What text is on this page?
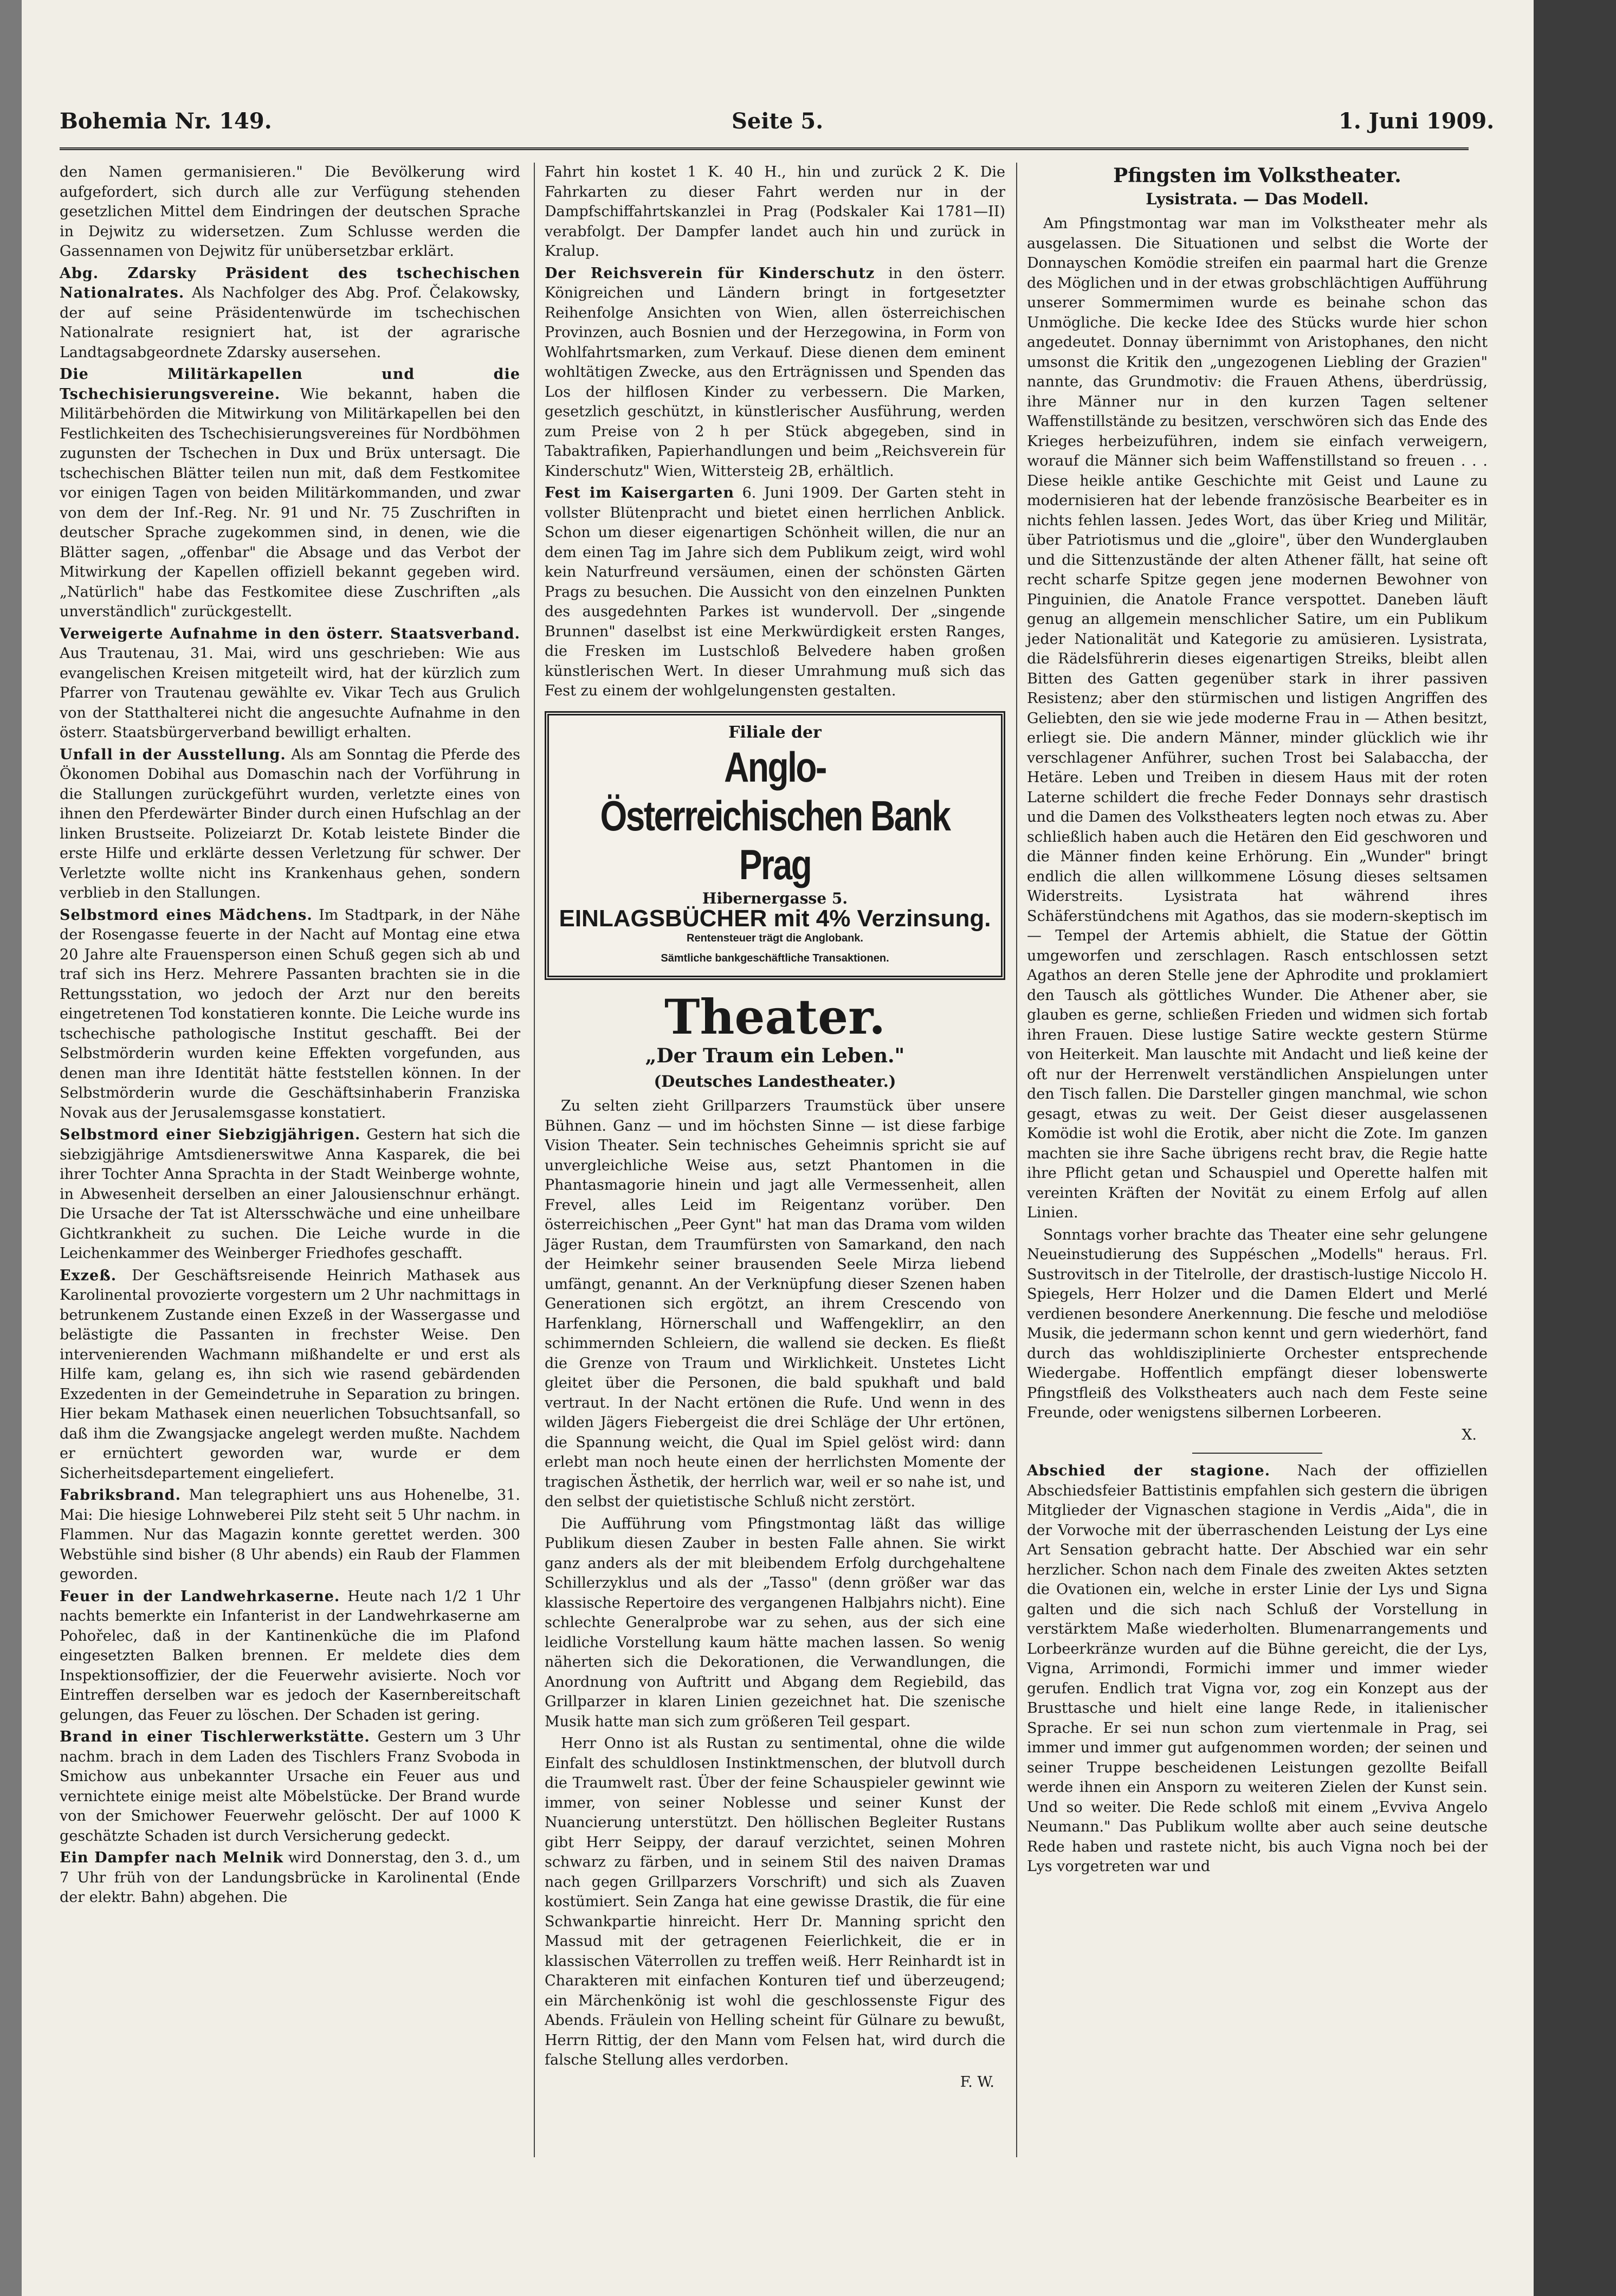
Bohemia Nr. 149.	Seite 5.	1. Juni 1909.

den Namen germanisieren." Die Bevölkerung wird aufgefordert, sich durch alle zur Verfügung stehenden gesetzlichen Mittel dem Eindringen der deutschen Sprache in Dejwitz zu widersetzen. Zum Schlusse werden die Gassennamen von Dejwitz für unübersetzbar erklärt.

Abg. Zdarsky Präsident des tschechischen Nationalrates. Als Nachfolger des Abg. Prof. Čelakowsky, der auf seine Präsidentenwürde im tschechischen Nationalrate resigniert hat, ist der agrarische Landtagsabgeordnete Zdarsky ausersehen.

Die Militärkapellen und die Tschechisierungsvereine. Wie bekannt, haben die Militärbehörden die Mitwirkung von Militärkapellen bei den Festlichkeiten des Tschechisierungsvereines für Nordböhmen zugunsten der Tschechen in Dux und Brüx untersagt. Die tschechischen Blätter teilen nun mit, daß dem Festkomitee vor einigen Tagen von beiden Militärkommanden, und zwar von dem der Inf.-Reg. Nr. 91 und Nr. 75 Zuschriften in deutscher Sprache zugekommen sind, in denen, wie die Blätter sagen, „offenbar" die Absage und das Verbot der Mitwirkung der Kapellen offiziell bekannt gegeben wird. „Natürlich" habe das Festkomitee diese Zuschriften „als unverständlich" zurückgestellt.

Verweigerte Aufnahme in den österr. Staatsverband. Aus Trautenau, 31. Mai, wird uns geschrieben: Wie aus evangelischen Kreisen mitgeteilt wird, hat der kürzlich zum Pfarrer von Trautenau gewählte ev. Vikar Tech aus Grulich von der Statthalterei nicht die angesuchte Aufnahme in den österr. Staatsbürgerverband bewilligt erhalten.

Unfall in der Ausstellung. Als am Sonntag die Pferde des Ökonomen Dobihal aus Domaschin nach der Vorführung in die Stallungen zurückgeführt wurden, verletzte eines von ihnen den Pferdewärter Binder durch einen Hufschlag an der linken Brustseite. Polizeiarzt Dr. Kotab leistete Binder die erste Hilfe und erklärte dessen Verletzung für schwer. Der Verletzte wollte nicht ins Krankenhaus gehen, sondern verblieb in den Stallungen.

Selbstmord eines Mädchens. Im Stadtpark, in der Nähe der Rosengasse feuerte in der Nacht auf Montag eine etwa 20 Jahre alte Frauensperson einen Schuß gegen sich ab und traf sich ins Herz. Mehrere Passanten brachten sie in die Rettungsstation, wo jedoch der Arzt nur den bereits eingetretenen Tod konstatieren konnte. Die Leiche wurde ins tschechische pathologische Institut geschafft. Bei der Selbstmörderin wurden keine Effekten vorgefunden, aus denen man ihre Identität hätte feststellen können. In der Selbstmörderin wurde die Geschäftsinhaberin Franziska Novak aus der Jerusalemsgasse konstatiert.

Selbstmord einer Siebzigjährigen. Gestern hat sich die siebzigjährige Amtsdienerswitwe Anna Kasparek, die bei ihrer Tochter Anna Sprachta in der Stadt Weinberge wohnte, in Abwesenheit derselben an einer Jalousienschnur erhängt. Die Ursache der Tat ist Altersschwäche und eine unheilbare Gichtkrankheit zu suchen. Die Leiche wurde in die Leichenkammer des Weinberger Friedhofes geschafft.

Exzeß. Der Geschäftsreisende Heinrich Mathasek aus Karolinental provozierte vorgestern um 2 Uhr nachmittags in betrunkenem Zustande einen Exzeß in der Wassergasse und belästigte die Passanten in frechster Weise. Den intervenierenden Wachmann mißhandelte er und erst als Hilfe kam, gelang es, ihn sich wie rasend gebärdenden Exzedenten in der Gemeindetruhe in Separation zu bringen. Hier bekam Mathasek einen neuerlichen Tobsuchtsanfall, so daß ihm die Zwangsjacke angelegt werden mußte. Nachdem er ernüchtert geworden war, wurde er dem Sicherheitsdepartement eingeliefert.

Fabriksbrand. Man telegraphiert uns aus Hohenelbe, 31. Mai: Die hiesige Lohnweberei Pilz steht seit 5 Uhr nachm. in Flammen. Nur das Magazin konnte gerettet werden. 300 Webstühle sind bisher (8 Uhr abends) ein Raub der Flammen geworden.

Feuer in der Landwehrkaserne. Heute nach 1/2 1 Uhr nachts bemerkte ein Infanterist in der Landwehrkaserne am Pohořelec, daß in der Kantinenküche die im Plafond eingesetzten Balken brennen. Er meldete dies dem Inspektionsoffizier, der die Feuerwehr avisierte. Noch vor Eintreffen derselben war es jedoch der Kasernbereitschaft gelungen, das Feuer zu löschen. Der Schaden ist gering.

Brand in einer Tischlerwerkstätte. Gestern um 3 Uhr nachm. brach in dem Laden des Tischlers Franz Svoboda in Smichow aus unbekannter Ursache ein Feuer aus und vernichtete einige meist alte Möbelstücke. Der Brand wurde von der Smichower Feuerwehr gelöscht. Der auf 1000 K geschätzte Schaden ist durch Versicherung gedeckt.

Ein Dampfer nach Melnik wird Donnerstag, den 3. d., um 7 Uhr früh von der Landungsbrücke in Karolinental (Ende der elektr. Bahn) abgehen. Die

Fahrt hin kostet 1 K. 40 H., hin und zurück 2 K. Die Fahrkarten zu dieser Fahrt werden nur in der Dampfschiffahrtskanzlei in Prag (Podskaler Kai 1781—II) verabfolgt. Der Dampfer landet auch hin und zurück in Kralup.

Der Reichsverein für Kinderschutz in den österr. Königreichen und Ländern bringt in fortgesetzter Reihenfolge Ansichten von Wien, allen österreichischen Provinzen, auch Bosnien und der Herzegowina, in Form von Wohlfahrtsmarken, zum Verkauf. Diese dienen dem eminent wohltätigen Zwecke, aus den Erträgnissen und Spenden das Los der hilflosen Kinder zu verbessern. Die Marken, gesetzlich geschützt, in künstlerischer Ausführung, werden zum Preise von 2 h per Stück abgegeben, sind in Tabaktrafiken, Papierhandlungen und beim „Reichsverein für Kinderschutz" Wien, Wittersteig 2B, erhältlich.

Fest im Kaisergarten 6. Juni 1909. Der Garten steht in vollster Blütenpracht und bietet einen herrlichen Anblick. Schon um dieser eigenartigen Schönheit willen, die nur an dem einen Tag im Jahre sich dem Publikum zeigt, wird wohl kein Naturfreund versäumen, einen der schönsten Gärten Prags zu besuchen. Die Aussicht von den einzelnen Punkten des ausgedehnten Parkes ist wundervoll. Der „singende Brunnen" daselbst ist eine Merkwürdigkeit ersten Ranges, die Fresken im Lustschloß Belvedere haben großen künstlerischen Wert. In dieser Umrahmung muß sich das Fest zu einem der wohlgelungensten gestalten.

Filiale der
Anglo-Österreichischen Bank Prag
Hibernergasse 5.
EINLAGSBÜCHER mit 4% Verzinsung.
Rentensteuer trägt die Anglobank.
Sämtliche bankgeschäftliche Transaktionen.
Theater.
„Der Traum ein Leben."
(Deutsches Landestheater.)

Zu selten zieht Grillparzers Traumstück über unsere Bühnen. Ganz — und im höchsten Sinne — ist diese farbige Vision Theater. Sein technisches Geheimnis spricht sie auf unvergleichliche Weise aus, setzt Phantomen in die Phantasmagorie hinein und jagt alle Vermessenheit, allen Frevel, alles Leid im Reigentanz vorüber. Den österreichischen „Peer Gynt" hat man das Drama vom wilden Jäger Rustan, dem Traumfürsten von Samarkand, den nach der Heimkehr seiner brausenden Seele Mirza liebend umfängt, genannt. An der Verknüpfung dieser Szenen haben Generationen sich ergötzt, an ihrem Crescendo von Harfenklang, Hörnerschall und Waffengeklirr, an den schimmernden Schleiern, die wallend sie decken. Es fließt die Grenze von Traum und Wirklichkeit. Unstetes Licht gleitet über die Personen, die bald spukhaft und bald vertraut. In der Nacht ertönen die Rufe. Und wenn in des wilden Jägers Fiebergeist die drei Schläge der Uhr ertönen, die Spannung weicht, die Qual im Spiel gelöst wird: dann erlebt man noch heute einen der herrlichsten Momente der tragischen Ästhetik, der herrlich war, weil er so nahe ist, und den selbst der quietistische Schluß nicht zerstört.

Die Aufführung vom Pfingstmontag läßt das willige Publikum diesen Zauber in besten Falle ahnen. Sie wirkt ganz anders als der mit bleibendem Erfolg durchgehaltene Schillerzyklus und als der „Tasso" (denn größer war das klassische Repertoire des vergangenen Halbjahrs nicht). Eine schlechte Generalprobe war zu sehen, aus der sich eine leidliche Vorstellung kaum hätte machen lassen. So wenig näherten sich die Dekorationen, die Verwandlungen, die Anordnung von Auftritt und Abgang dem Regiebild, das Grillparzer in klaren Linien gezeichnet hat. Die szenische Musik hatte man sich zum größeren Teil gespart.

Herr Onno ist als Rustan zu sentimental, ohne die wilde Einfalt des schuldlosen Instinktmenschen, der blutvoll durch die Traumwelt rast. Über der feine Schauspieler gewinnt wie immer, von seiner Noblesse und seiner Kunst der Nuancierung unterstützt. Den höllischen Begleiter Rustans gibt Herr Seippy, der darauf verzichtet, seinen Mohren schwarz zu färben, und in seinem Stil des naiven Dramas nach gegen Grillparzers Vorschrift) und sich als Zuaven kostümiert. Sein Zanga hat eine gewisse Drastik, die für eine Schwankpartie hinreicht. Herr Dr. Manning spricht den Massud mit der getragenen Feierlichkeit, die er in klassischen Väterrollen zu treffen weiß. Herr Reinhardt ist in Charakteren mit einfachen Konturen tief und überzeugend; ein Märchenkönig ist wohl die geschlossenste Figur des Abends. Fräulein von Helling scheint für Gülnare zu bewußt, Herrn Rittig, der den Mann vom Felsen hat, wird durch die falsche Stellung alles verdorben.

F. W.
Pfingsten im Volkstheater.
Lysistrata. — Das Modell.

Am Pfingstmontag war man im Volkstheater mehr als ausgelassen. Die Situationen und selbst die Worte der Donnayschen Komödie streifen ein paarmal hart die Grenze des Möglichen und in der etwas grobschlächtigen Aufführung unserer Sommermimen wurde es beinahe schon das Unmögliche. Die kecke Idee des Stücks wurde hier schon angedeutet. Donnay übernimmt von Aristophanes, den nicht umsonst die Kritik den „ungezogenen Liebling der Grazien" nannte, das Grundmotiv: die Frauen Athens, überdrüssig, ihre Männer nur in den kurzen Tagen seltener Waffenstillstände zu besitzen, verschwören sich das Ende des Krieges herbeizuführen, indem sie einfach verweigern, worauf die Männer sich beim Waffenstillstand so freuen . . . Diese heikle antike Geschichte mit Geist und Laune zu modernisieren hat der lebende französische Bearbeiter es in nichts fehlen lassen. Jedes Wort, das über Krieg und Militär, über Patriotismus und die „gloire", über den Wunderglauben und die Sittenzustände der alten Athener fällt, hat seine oft recht scharfe Spitze gegen jene modernen Bewohner von Pinguinien, die Anatole France verspottet. Daneben läuft genug an allgemein menschlicher Satire, um ein Publikum jeder Nationalität und Kategorie zu amüsieren. Lysistrata, die Rädelsführerin dieses eigenartigen Streiks, bleibt allen Bitten des Gatten gegenüber stark in ihrer passiven Resistenz; aber den stürmischen und listigen Angriffen des Geliebten, den sie wie jede moderne Frau in — Athen besitzt, erliegt sie. Die andern Männer, minder glücklich wie ihr verschlagener Anführer, suchen Trost bei Salabaccha, der Hetäre. Leben und Treiben in diesem Haus mit der roten Laterne schildert die freche Feder Donnays sehr drastisch und die Damen des Volkstheaters legten noch etwas zu. Aber schließlich haben auch die Hetären den Eid geschworen und die Männer finden keine Erhörung. Ein „Wunder" bringt endlich die allen willkommene Lösung dieses seltsamen Widerstreits. Lysistrata hat während ihres Schäferstündchens mit Agathos, das sie modern-skeptisch im — Tempel der Artemis abhielt, die Statue der Göttin umgeworfen und zerschlagen. Rasch entschlossen setzt Agathos an deren Stelle jene der Aphrodite und proklamiert den Tausch als göttliches Wunder. Die Athener aber, sie glauben es gerne, schließen Frieden und widmen sich fortab ihren Frauen. Diese lustige Satire weckte gestern Stürme von Heiterkeit. Man lauschte mit Andacht und ließ keine der oft nur der Herrenwelt verständlichen Anspielungen unter den Tisch fallen. Die Darsteller gingen manchmal, wie schon gesagt, etwas zu weit. Der Geist dieser ausgelassenen Komödie ist wohl die Erotik, aber nicht die Zote. Im ganzen machten sie ihre Sache übrigens recht brav, die Regie hatte ihre Pflicht getan und Schauspiel und Operette halfen mit vereinten Kräften der Novität zu einem Erfolg auf allen Linien.

Sonntags vorher brachte das Theater eine sehr gelungene Neueinstudierung des Suppéschen „Modells" heraus. Frl. Sustrovitsch in der Titelrolle, der drastisch-lustige Niccolo H. Spiegels, Herr Holzer und die Damen Eldert und Merlé verdienen besondere Anerkennung. Die fesche und melodiöse Musik, die jedermann schon kennt und gern wiederhört, fand durch das wohldisziplinierte Orchester entsprechende Wiedergabe. Hoffentlich empfängt dieser lobenswerte Pfingstfleiß des Volkstheaters auch nach dem Feste seine Freunde, oder wenigstens silbernen Lorbeeren.

X.

Abschied der stagione. Nach der offiziellen Abschiedsfeier Battistinis empfahlen sich gestern die übrigen Mitglieder der Vignaschen stagione in Verdis „Aida", die in der Vorwoche mit der überraschenden Leistung der Lys eine Art Sensation gebracht hatte. Der Abschied war ein sehr herzlicher. Schon nach dem Finale des zweiten Aktes setzten die Ovationen ein, welche in erster Linie der Lys und Signa galten und die sich nach Schluß der Vorstellung in verstärktem Maße wiederholten. Blumenarrangements und Lorbeerkränze wurden auf die Bühne gereicht, die der Lys, Vigna, Arrimondi, Formichi immer und immer wieder gerufen. Endlich trat Vigna vor, zog ein Konzept aus der Brusttasche und hielt eine lange Rede, in italienischer Sprache. Er sei nun schon zum viertenmale in Prag, sei immer und immer gut aufgenommen worden; der seinen und seiner Truppe bescheidenen Leistungen gezollte Beifall werde ihnen ein Ansporn zu weiteren Zielen der Kunst sein. Und so weiter. Die Rede schloß mit einem „Evviva Angelo Neumann." Das Publikum wollte aber auch seine deutsche Rede haben und rastete nicht, bis auch Vigna noch bei der Lys vorgetreten war und
